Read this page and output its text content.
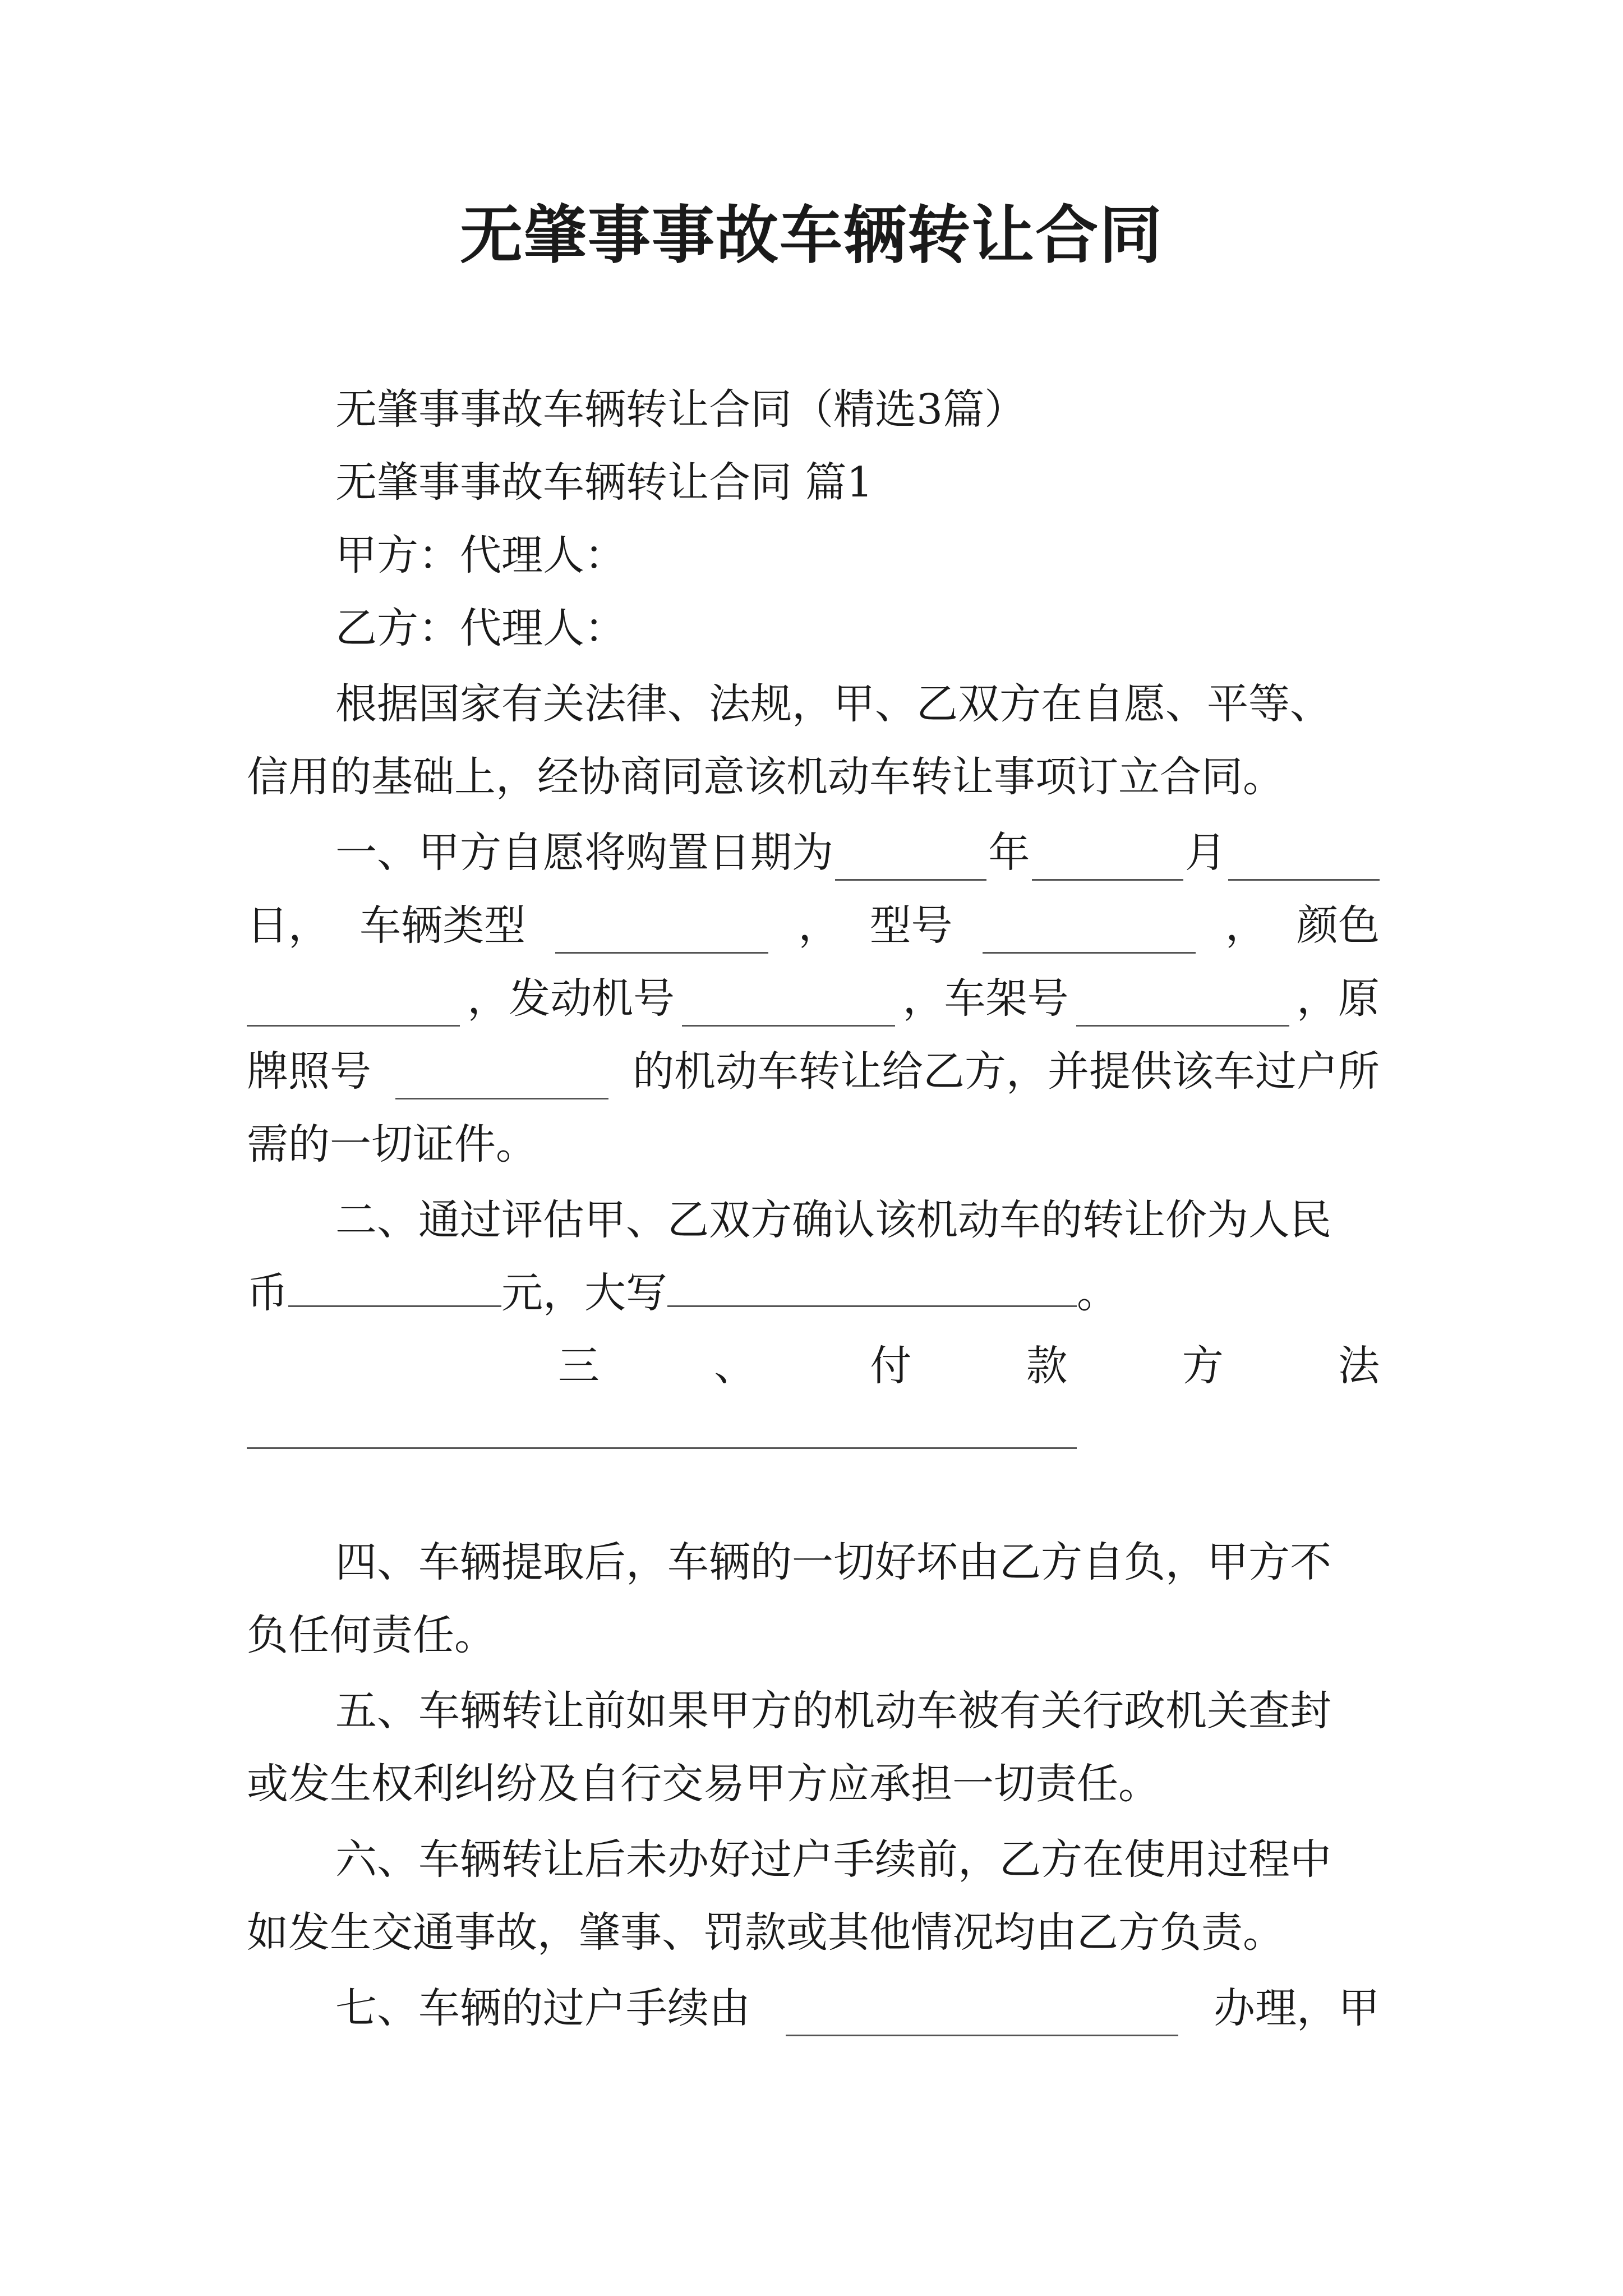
无肇事事故车辆转让合同
无肇事事故车辆转让合同（精选3篇）
无肇事事故车辆转让合同 篇1
甲方：代理人：
乙方：代理人：
根据国家有关法律、法规，甲、乙双方在自愿、平等、
信用的基础上，经协商同意该机动车转让事项订立合同。
一、甲方自愿将购置日期为	年	月
日， 车辆类型	， 型号	， 颜色
，发动机号	，车架号	，原
牌照号	的机动车转让给乙方，并提供该车过户所
需的一切证件。
二、通过评估甲、乙双方确认该机动车的转让价为人民
币	元，大写	。
三	、	付	款	方	法
四、车辆提取后，车辆的一切好坏由乙方自负，甲方不
负任何责任。
五、车辆转让前如果甲方的机动车被有关行政机关查封
或发生权利纠纷及自行交易甲方应承担一切责任。
六、车辆转让后未办好过户手续前，乙方在使用过程中
如发生交通事故，肇事、罚款或其他情况均由乙方负责。
七、车辆的过户手续由	办理，甲
